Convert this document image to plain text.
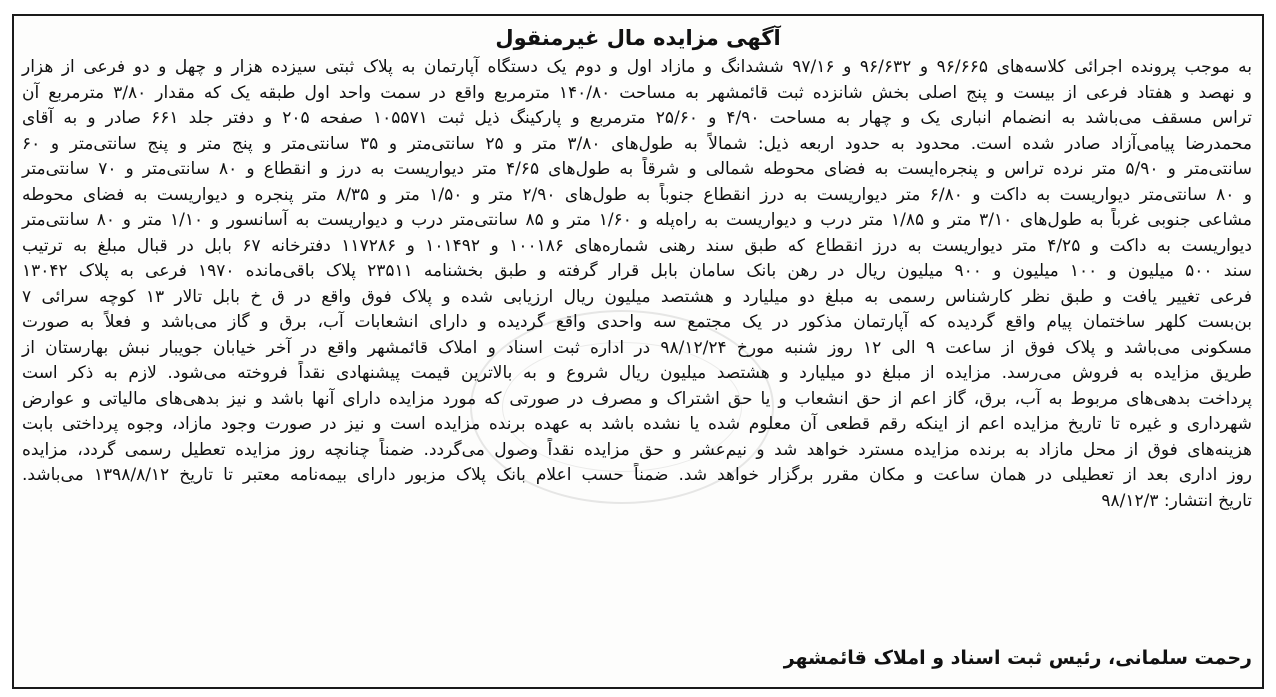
آگهی مزایده مال غیرمنقول
به موجب پرونده اجرائی کلاسه‌های ۹۶/۶۶۵ و ۹۶/۶۳۲ و ۹۷/۱۶ ششدانگ و مازاد اول و دوم یک دستگاه آپارتمان به پلاک ثبتی سیزده هزار و چهل و دو فرعی از هزار
و نهصد و هفتاد فرعی از بیست و پنج اصلی بخش شانزده ثبت قائمشهر به مساحت ۱۴۰/۸۰ مترمربع واقع در سمت واحد اول طبقه یک که مقدار ۳/۸۰ مترمربع آن
تراس مسقف می‌باشد به انضمام انباری یک و چهار به مساحت ۴/۹۰ و ۲۵/۶۰ مترمربع و پارکینگ ذیل ثبت ۱۰۵۵۷۱ صفحه ۲۰۵ و دفتر جلد ۶۶۱ صادر و به آقای
محمدرضا پیامی‌آزاد صادر شده است. محدود به حدود اربعه ذیل: شمالاً به طول‌های ۳/۸۰ متر و ۲۵ سانتی‌متر و ۳۵ سانتی‌متر و پنج متر و پنج سانتی‌متر و ۶۰
سانتی‌متر و ۵/۹۰ متر نرده تراس و پنجره‌ایست به فضای محوطه شمالی و شرقاً به طول‌های ۴/۶۵ متر دیواریست به درز و انقطاع و ۸۰ سانتی‌متر و ۷۰ سانتی‌متر
و ۸۰ سانتی‌متر دیواریست به داکت و ۶/۸۰ متر دیواریست به درز انقطاع جنوباً به طول‌های ۲/۹۰ متر و ۱/۵۰ متر و ۸/۳۵ متر پنجره و دیواریست به فضای محوطه
مشاعی جنوبی غرباً به طول‌های ۳/۱۰ متر و ۱/۸۵ متر درب و دیواریست به راه‌پله و ۱/۶۰ متر و ۸۵ سانتی‌متر درب و دیواریست به آسانسور و ۱/۱۰ متر و ۸۰ سانتی‌متر
دیواریست به داکت و ۴/۲۵ متر دیواریست به درز انقطاع که طبق سند رهنی شماره‌های ۱۰۰۱۸۶ و ۱۰۱۴۹۲ و ۱۱۷۲۸۶ دفترخانه ۶۷ بابل در قبال مبلغ به ترتیب
سند ۵۰۰ میلیون و ۱۰۰ میلیون و ۹۰۰ میلیون ریال در رهن بانک سامان بابل قرار گرفته و طبق بخشنامه ۲۳۵۱۱ پلاک باقی‌مانده ۱۹۷۰ فرعی به پلاک ۱۳۰۴۲
فرعی تغییر یافت و طبق نظر کارشناس رسمی به مبلغ دو میلیارد و هشتصد میلیون ریال ارزیابی شده و پلاک فوق واقع در ق خ بابل تالار ۱۳ کوچه سرائی ۷
بن‌بست کلهر ساختمان پیام واقع گردیده که آپارتمان مذکور در یک مجتمع سه واحدی واقع گردیده و دارای انشعابات آب، برق و گاز می‌باشد و فعلاً به صورت
مسکونی می‌باشد و پلاک فوق از ساعت ۹ الی ۱۲ روز شنبه مورخ ۹۸/۱۲/۲۴ در اداره ثبت اسناد و املاک قائمشهر واقع در آخر خیابان جویبار نبش بهارستان از
طریق مزایده به فروش می‌رسد. مزایده از مبلغ دو میلیارد و هشتصد میلیون ریال شروع و به بالاترین قیمت پیشنهادی نقداً فروخته می‌شود. لازم به ذکر است
پرداخت بدهی‌های مربوط به آب، برق، گاز اعم از حق انشعاب و یا حق اشتراک و مصرف در صورتی که مورد مزایده دارای آنها باشد و نیز بدهی‌های مالیاتی و عوارض
شهرداری و غیره تا تاریخ مزایده اعم از اینکه رقم قطعی آن معلوم شده یا نشده باشد به عهده برنده مزایده است و نیز در صورت وجود مازاد، وجوه پرداختی بابت
هزینه‌های فوق از محل مازاد به برنده مزایده مسترد خواهد شد و نیم‌عشر و حق مزایده نقداً وصول می‌گردد. ضمناً چنانچه روز مزایده تعطیل رسمی گردد، مزایده
روز اداری بعد از تعطیلی در همان ساعت و مکان مقرر برگزار خواهد شد. ضمناً حسب اعلام بانک پلاک مزبور دارای بیمه‌نامه معتبر تا تاریخ ۱۳۹۸/۸/۱۲ می‌باشد.
تاریخ انتشار: ۹۸/۱۲/۳
رحمت سلمانی، رئیس ثبت اسناد و املاک قائمشهر
